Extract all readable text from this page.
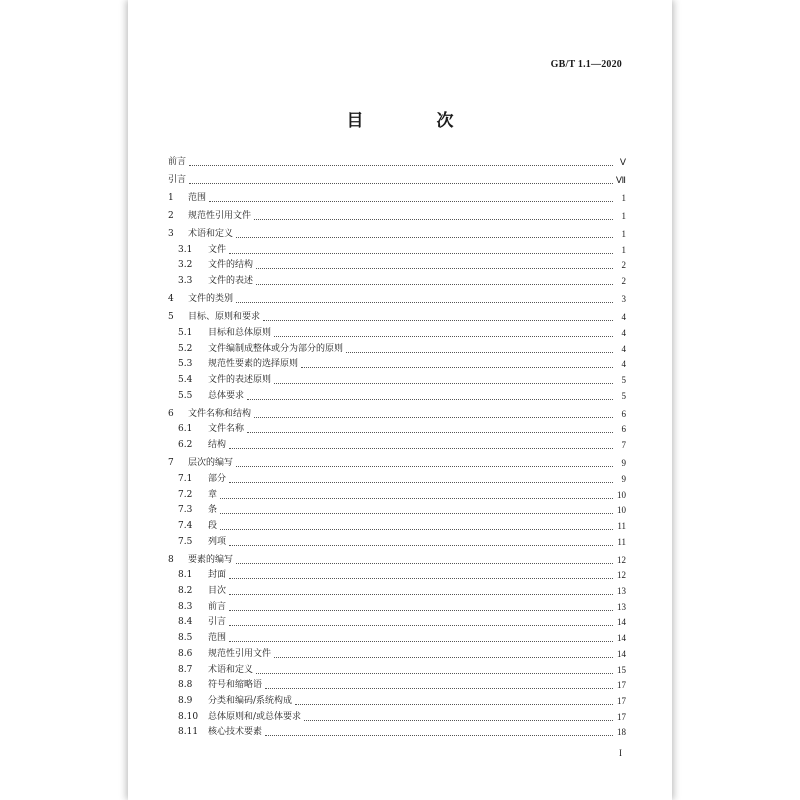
GB/T 1.1—2020
目　次
前言	Ⅴ
引言	Ⅶ
1	范围	1
2	规范性引用文件	1
3	术语和定义	1
3.1	文件	1
3.2	文件的结构	2
3.3	文件的表述	2
4	文件的类别	3
5	目标、原则和要求	4
5.1	目标和总体原则	4
5.2	文件编制成整体或分为部分的原则	4
5.3	规范性要素的选择原则	4
5.4	文件的表述原则	5
5.5	总体要求	5
6	文件名称和结构	6
6.1	文件名称	6
6.2	结构	7
7	层次的编写	9
7.1	部分	9
7.2	章	10
7.3	条	10
7.4	段	11
7.5	列项	11
8	要素的编写	12
8.1	封面	12
8.2	目次	13
8.3	前言	13
8.4	引言	14
8.5	范围	14
8.6	规范性引用文件	14
8.7	术语和定义	15
8.8	符号和缩略语	17
8.9	分类和编码/系统构成	17
8.10 总体原则和/或总体要求	17
8.11 核心技术要素	18
I
